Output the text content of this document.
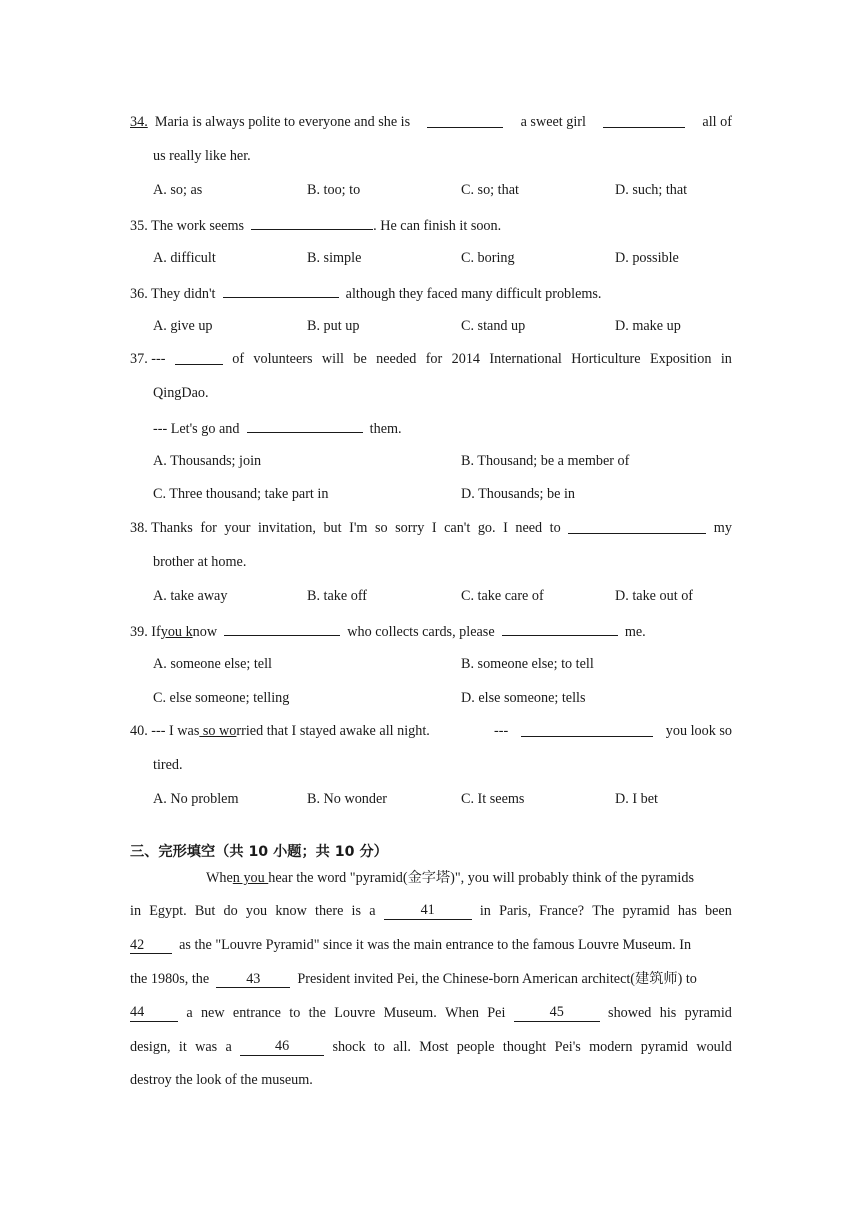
34. Maria is always polite to everyone and she is	a sweet girl	all of
us really like her.
A. so; as	B. too; to	C. so; that	D. such; that
35. The work seems	. He can finish it soon.
A. difficult	B. simple	C. boring	D. possible
36. They didn't	although they faced many difficult problems.
A. give up	B. put up	C. stand up	D. make up
37. ---	of volunteers will be needed for 2014 International Horticulture Exposition in
QingDao.
--- Let's go and	them.
A. Thousands; join	B. Thousand; be a member of
C. Three thousand; take part in	D. Thousands; be in
38. Thanks for your invitation, but I'm so sorry I can't go. I need to	my
brother at home.
A. take away	B. take off	C. take care of	D. take out of
39. Ifyou know	who collects cards, please	me.
A. someone else; tell	B. someone else; to tell
C. else someone; telling	D. else someone; tells
40. --- I was so worried that I stayed awake all night.	---	you look so
tired.
A. No problem	B. No wonder	C. It seems	D. I bet
三、完形填空（共 10 小题；共 10 分）
When you hear the word "pyramid(金字塔)", you will probably think of the pyramids
in Egypt. But do you know there is a	41	in Paris, France? The pyramid has been
42 as the "Louvre Pyramid" since it was the main entrance to the famous Louvre Museum. In
the 1980s, the	43	President invited Pei, the Chinese-born American architect(建筑师) to
44	a new entrance to the Louvre Museum. When Pei	45	showed his pyramid
design, it was a	46	shock to all. Most people thought Pei's modern pyramid would
destroy the look of the museum.
